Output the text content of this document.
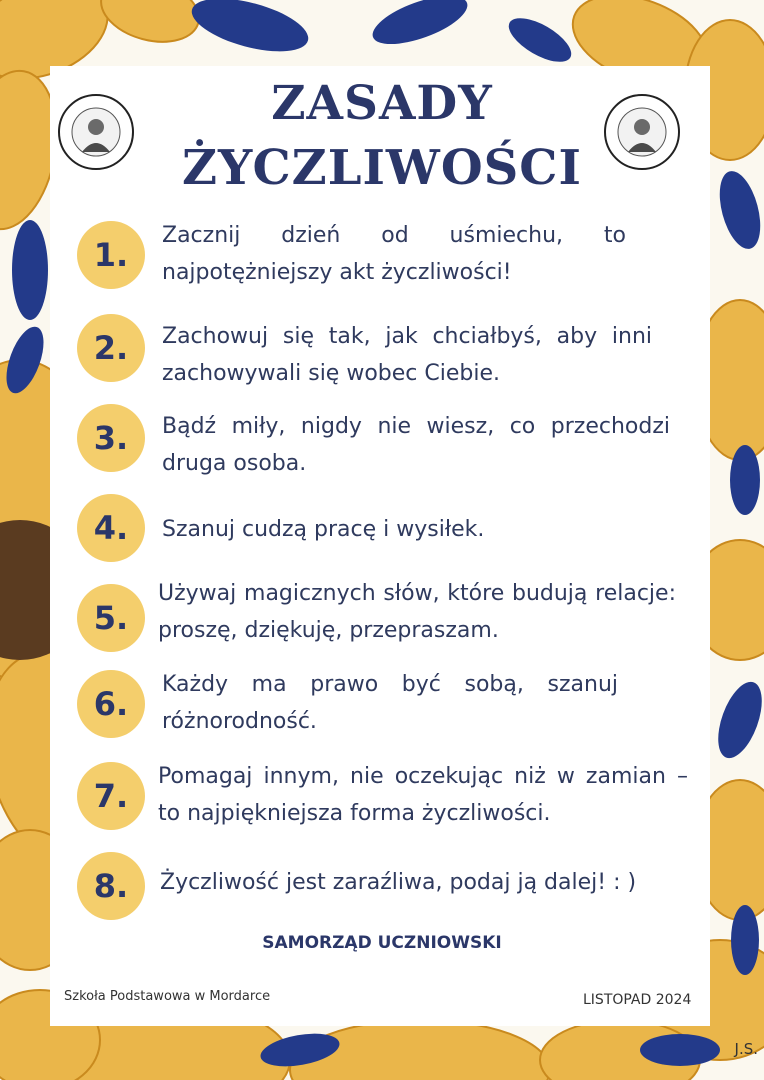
ZASADY
ŻYCZLIWOŚCI
1.
Zacznij dzień od uśmiechu, to najpotężniejszy akt życzliwości!
2.	Zachowuj się tak, jak chciałbyś, aby inni zachowywali się wobec Ciebie.
3.	Bądź miły, nigdy nie wiesz, co przechodzi druga osoba.
4.	Szanuj cudzą pracę i wysiłek.
5.
Używaj magicznych słów, które budują relacje: proszę, dziękuję, przepraszam.
6.
Każdy ma prawo być sobą, szanuj różnorodność.
7.
Pomagaj innym, nie oczekując niż w zamian – to najpiękniejsza forma życzliwości.
8.	Życzliwość jest zaraźliwa, podaj ją dalej! : )
SAMORZĄD UCZNIOWSKI
Szkoła Podstawowa w Mordarce	LISTOPAD 2024
J.S.
